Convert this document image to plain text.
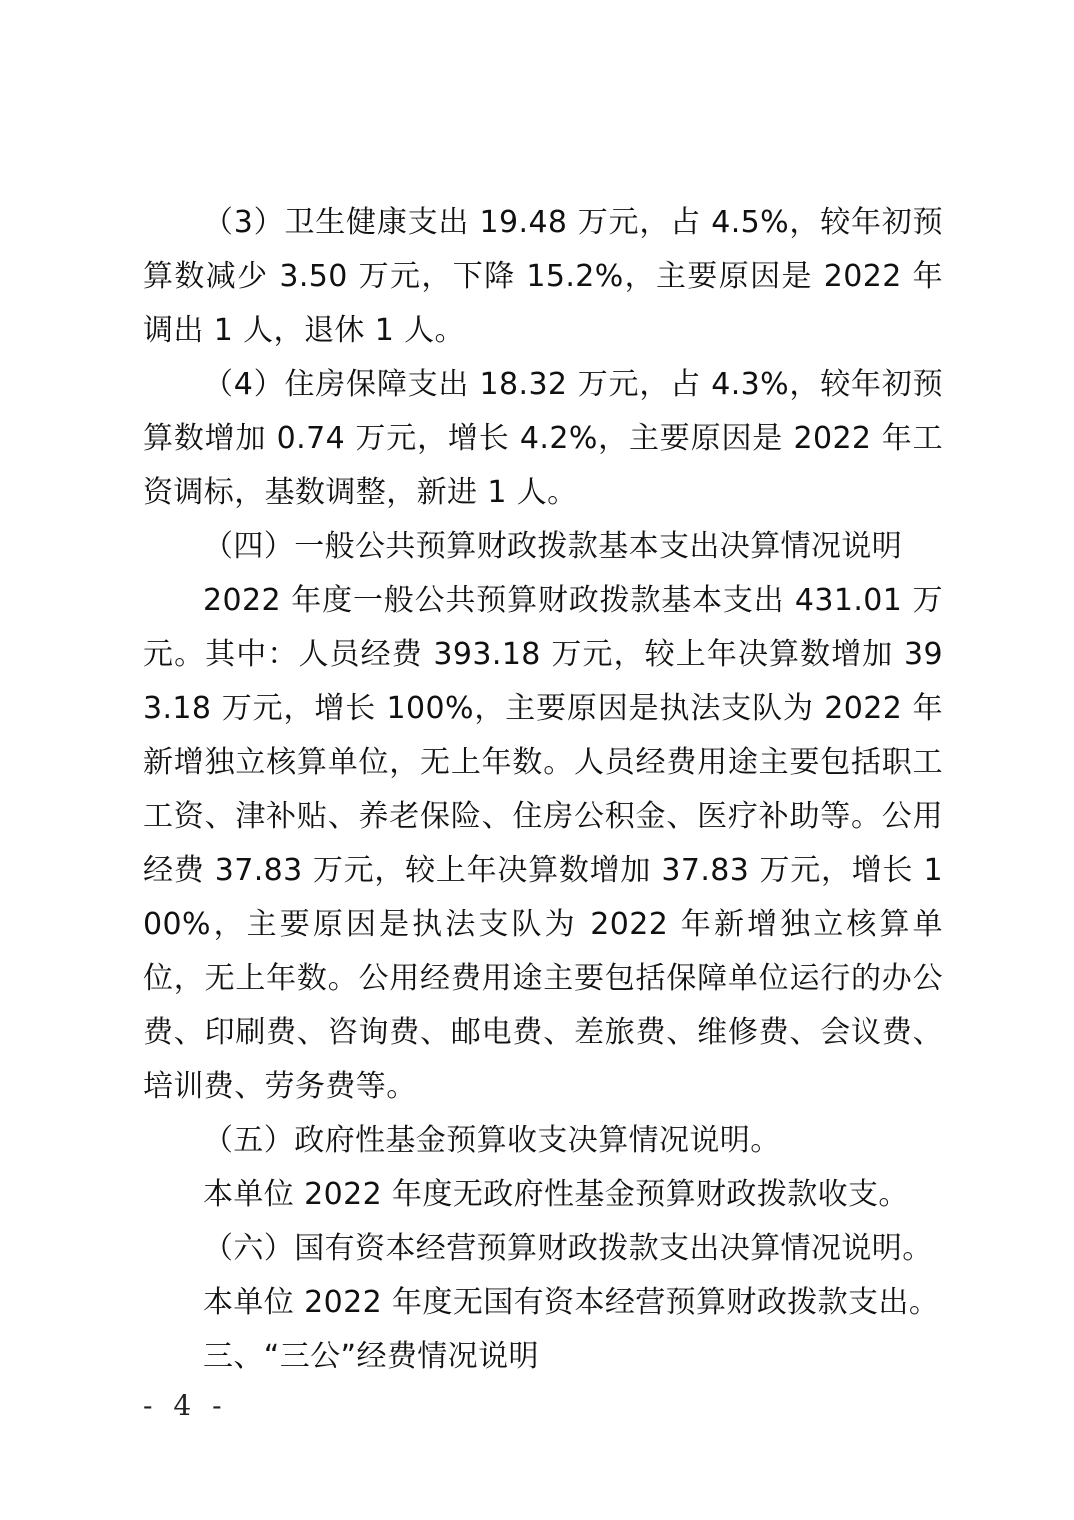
（3）卫生健康支出 19.48 万元，占 4.5%，较年初预算数减少 3.50 万元，下降 15.2%，主要原因是 2022 年调出 1 人，退休 1 人。

（4）住房保障支出 18.32 万元，占 4.3%，较年初预算数增加 0.74 万元，增长 4.2%，主要原因是 2022 年工资调标，基数调整，新进 1 人。

（四）一般公共预算财政拨款基本支出决算情况说明

2022 年度一般公共预算财政拨款基本支出 431.01 万元。其中：人员经费 393.18 万元，较上年决算数增加 393.18 万元，增长 100%，主要原因是执法支队为 2022 年新增独立核算单位，无上年数。人员经费用途主要包括职工工资、津补贴、养老保险、住房公积金、医疗补助等。公用经费 37.83 万元，较上年决算数增加 37.83 万元，增长 100%，主要原因是执法支队为 2022 年新增独立核算单位，无上年数。公用经费用途主要包括保障单位运行的办公费、印刷费、咨询费、邮电费、差旅费、维修费、会议费、培训费、劳务费等。

（五）政府性基金预算收支决算情况说明。

本单位 2022 年度无政府性基金预算财政拨款收支。

（六）国有资本经营预算财政拨款支出决算情况说明。

本单位 2022 年度无国有资本经营预算财政拨款支出。

三、“三公”经费情况说明

- 4 -
